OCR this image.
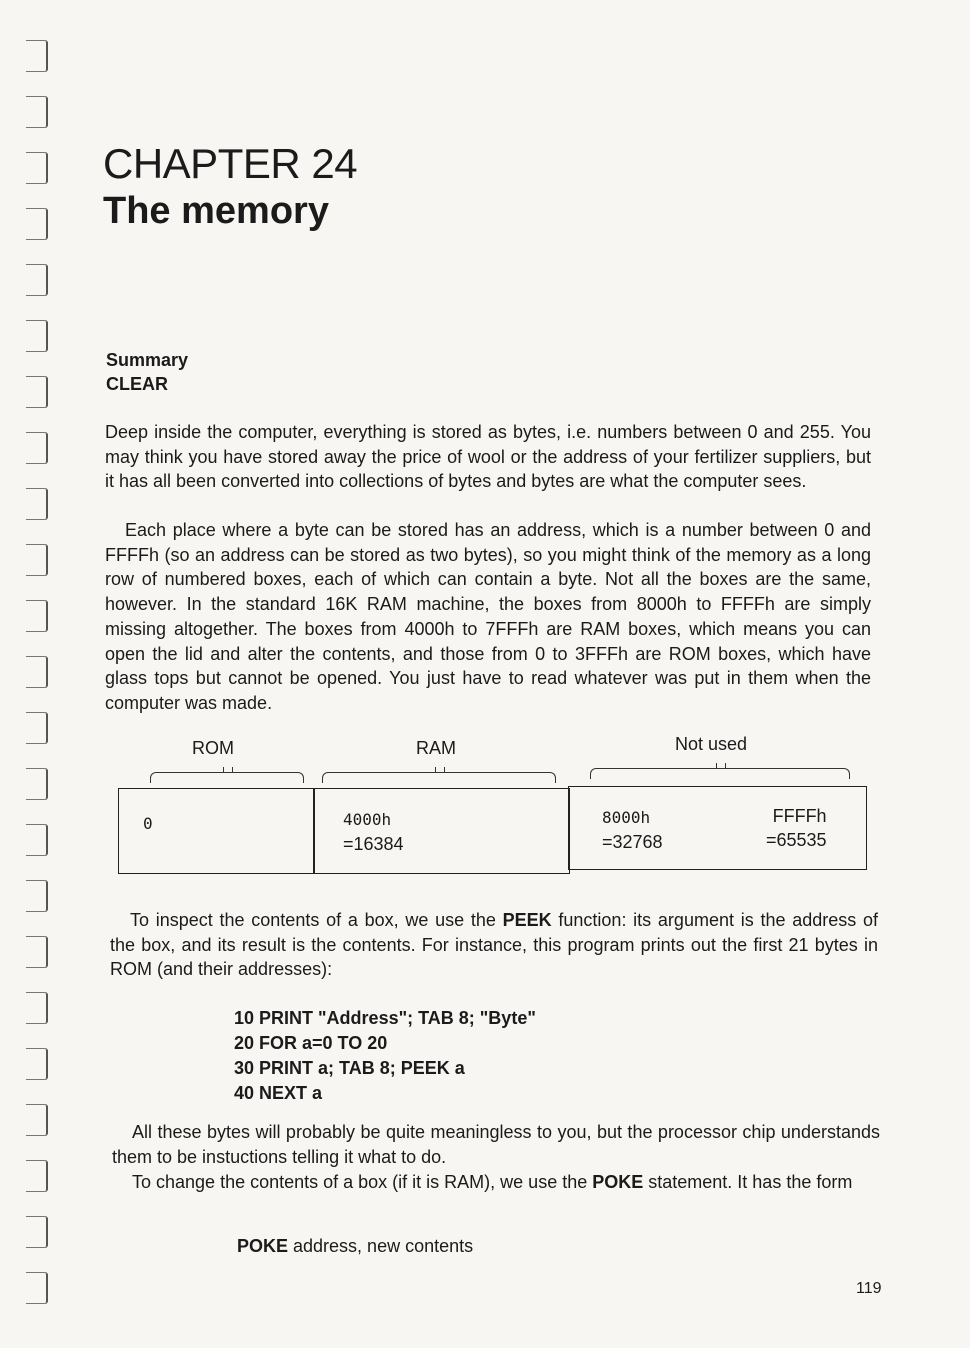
CHAPTER 24
The memory
Summary
CLEAR

Deep inside the computer, everything is stored as bytes, i.e. numbers between 0 and 255. You may think you have stored away the price of wool or the address of your fertilizer suppliers, but it has all been converted into collections of bytes and bytes are what the computer sees.

Each place where a byte can be stored has an address, which is a number between 0 and FFFFh (so an address can be stored as two bytes), so you might think of the memory as a long row of numbered boxes, each of which can contain a byte. Not all the boxes are the same, however. In the standard 16K RAM machine, the boxes from 8000h to FFFFh are simply missing altogether. The boxes from 4000h to 7FFFh are RAM boxes, which means you can open the lid and alter the contents, and those from 0 to 3FFFh are ROM boxes, which have glass tops but cannot be opened. You just have to read whatever was put in them when the computer was made.

ROM	RAM	Not used
0	4000h
=16384
8000h
=32768
FFFFh
=65535

To inspect the contents of a box, we use the PEEK function: its argument is the address of the box, and its result is the contents. For instance, this program prints out the first 21 bytes in ROM (and their addresses):

10 PRINT "Address"; TAB 8; "Byte"
20 FOR a=0 TO 20
30 PRINT a; TAB 8; PEEK a
40 NEXT a

All these bytes will probably be quite meaningless to you, but the processor chip understands them to be instuctions telling it what to do.

To change the contents of a box (if it is RAM), we use the POKE statement. It has the form

POKE address, new contents
119
